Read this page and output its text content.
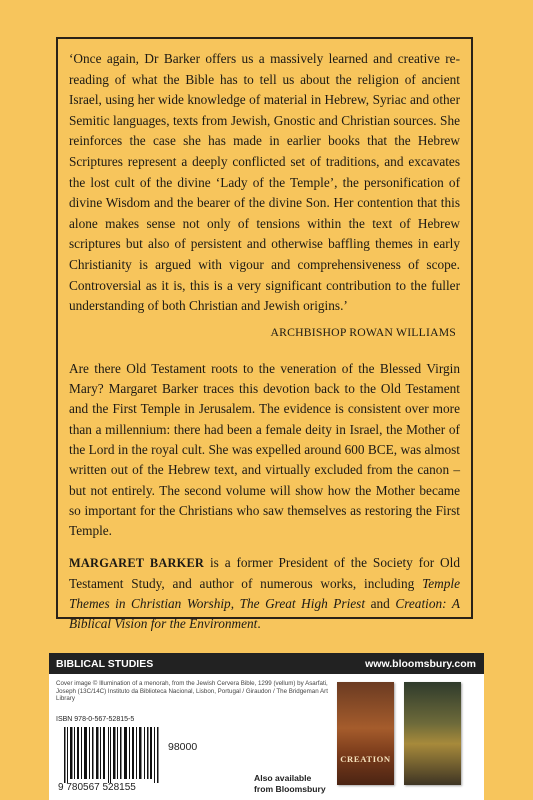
‘Once again, Dr Barker offers us a massively learned and creative re-reading of what the Bible has to tell us about the religion of ancient Israel, using her wide knowledge of material in Hebrew, Syriac and other Semitic languages, texts from Jewish, Gnostic and Christian sources. She reinforces the case she has made in earlier books that the Hebrew Scriptures represent a deeply conflicted set of traditions, and excavates the lost cult of the divine ‘Lady of the Temple’, the personification of divine Wisdom and the bearer of the divine Son. Her contention that this alone makes sense not only of tensions within the text of Hebrew scriptures but also of persistent and otherwise baffling themes in early Christianity is argued with vigour and comprehensiveness of scope. Controversial as it is, this is a very significant contribution to the fuller understanding of both Christian and Jewish origins.’

ARCHBISHOP ROWAN WILLIAMS

Are there Old Testament roots to the veneration of the Blessed Virgin Mary? Margaret Barker traces this devotion back to the Old Testament and the First Temple in Jerusalem. The evidence is consistent over more than a millennium: there had been a female deity in Israel, the Mother of the Lord in the royal cult. She was expelled around 600 BCE, was almost written out of the Hebrew text, and virtually excluded from the canon – but not entirely. The second volume will show how the Mother became so important for the Christians who saw themselves as restoring the First Temple.

MARGARET BARKER is a former President of the Society for Old Testament Study, and author of numerous works, including Temple Themes in Christian Worship, The Great High Priest and Creation: A Biblical Vision for the Environment.

BIBLICAL STUDIES	www.bloomsbury.com
Cover image © Illumination of a menorah, from the Jewish Cervera Bible, 1299 (vellum) by Asarfati, Joseph (13C/14C) Instituto da Biblioteca Nacional, Lisbon, Portugal / Giraudon / The Bridgeman Art Library
ISBN 978-0-567-52815-5
98000
9 780567 528155
CREATION
Also available
from Bloomsbury
